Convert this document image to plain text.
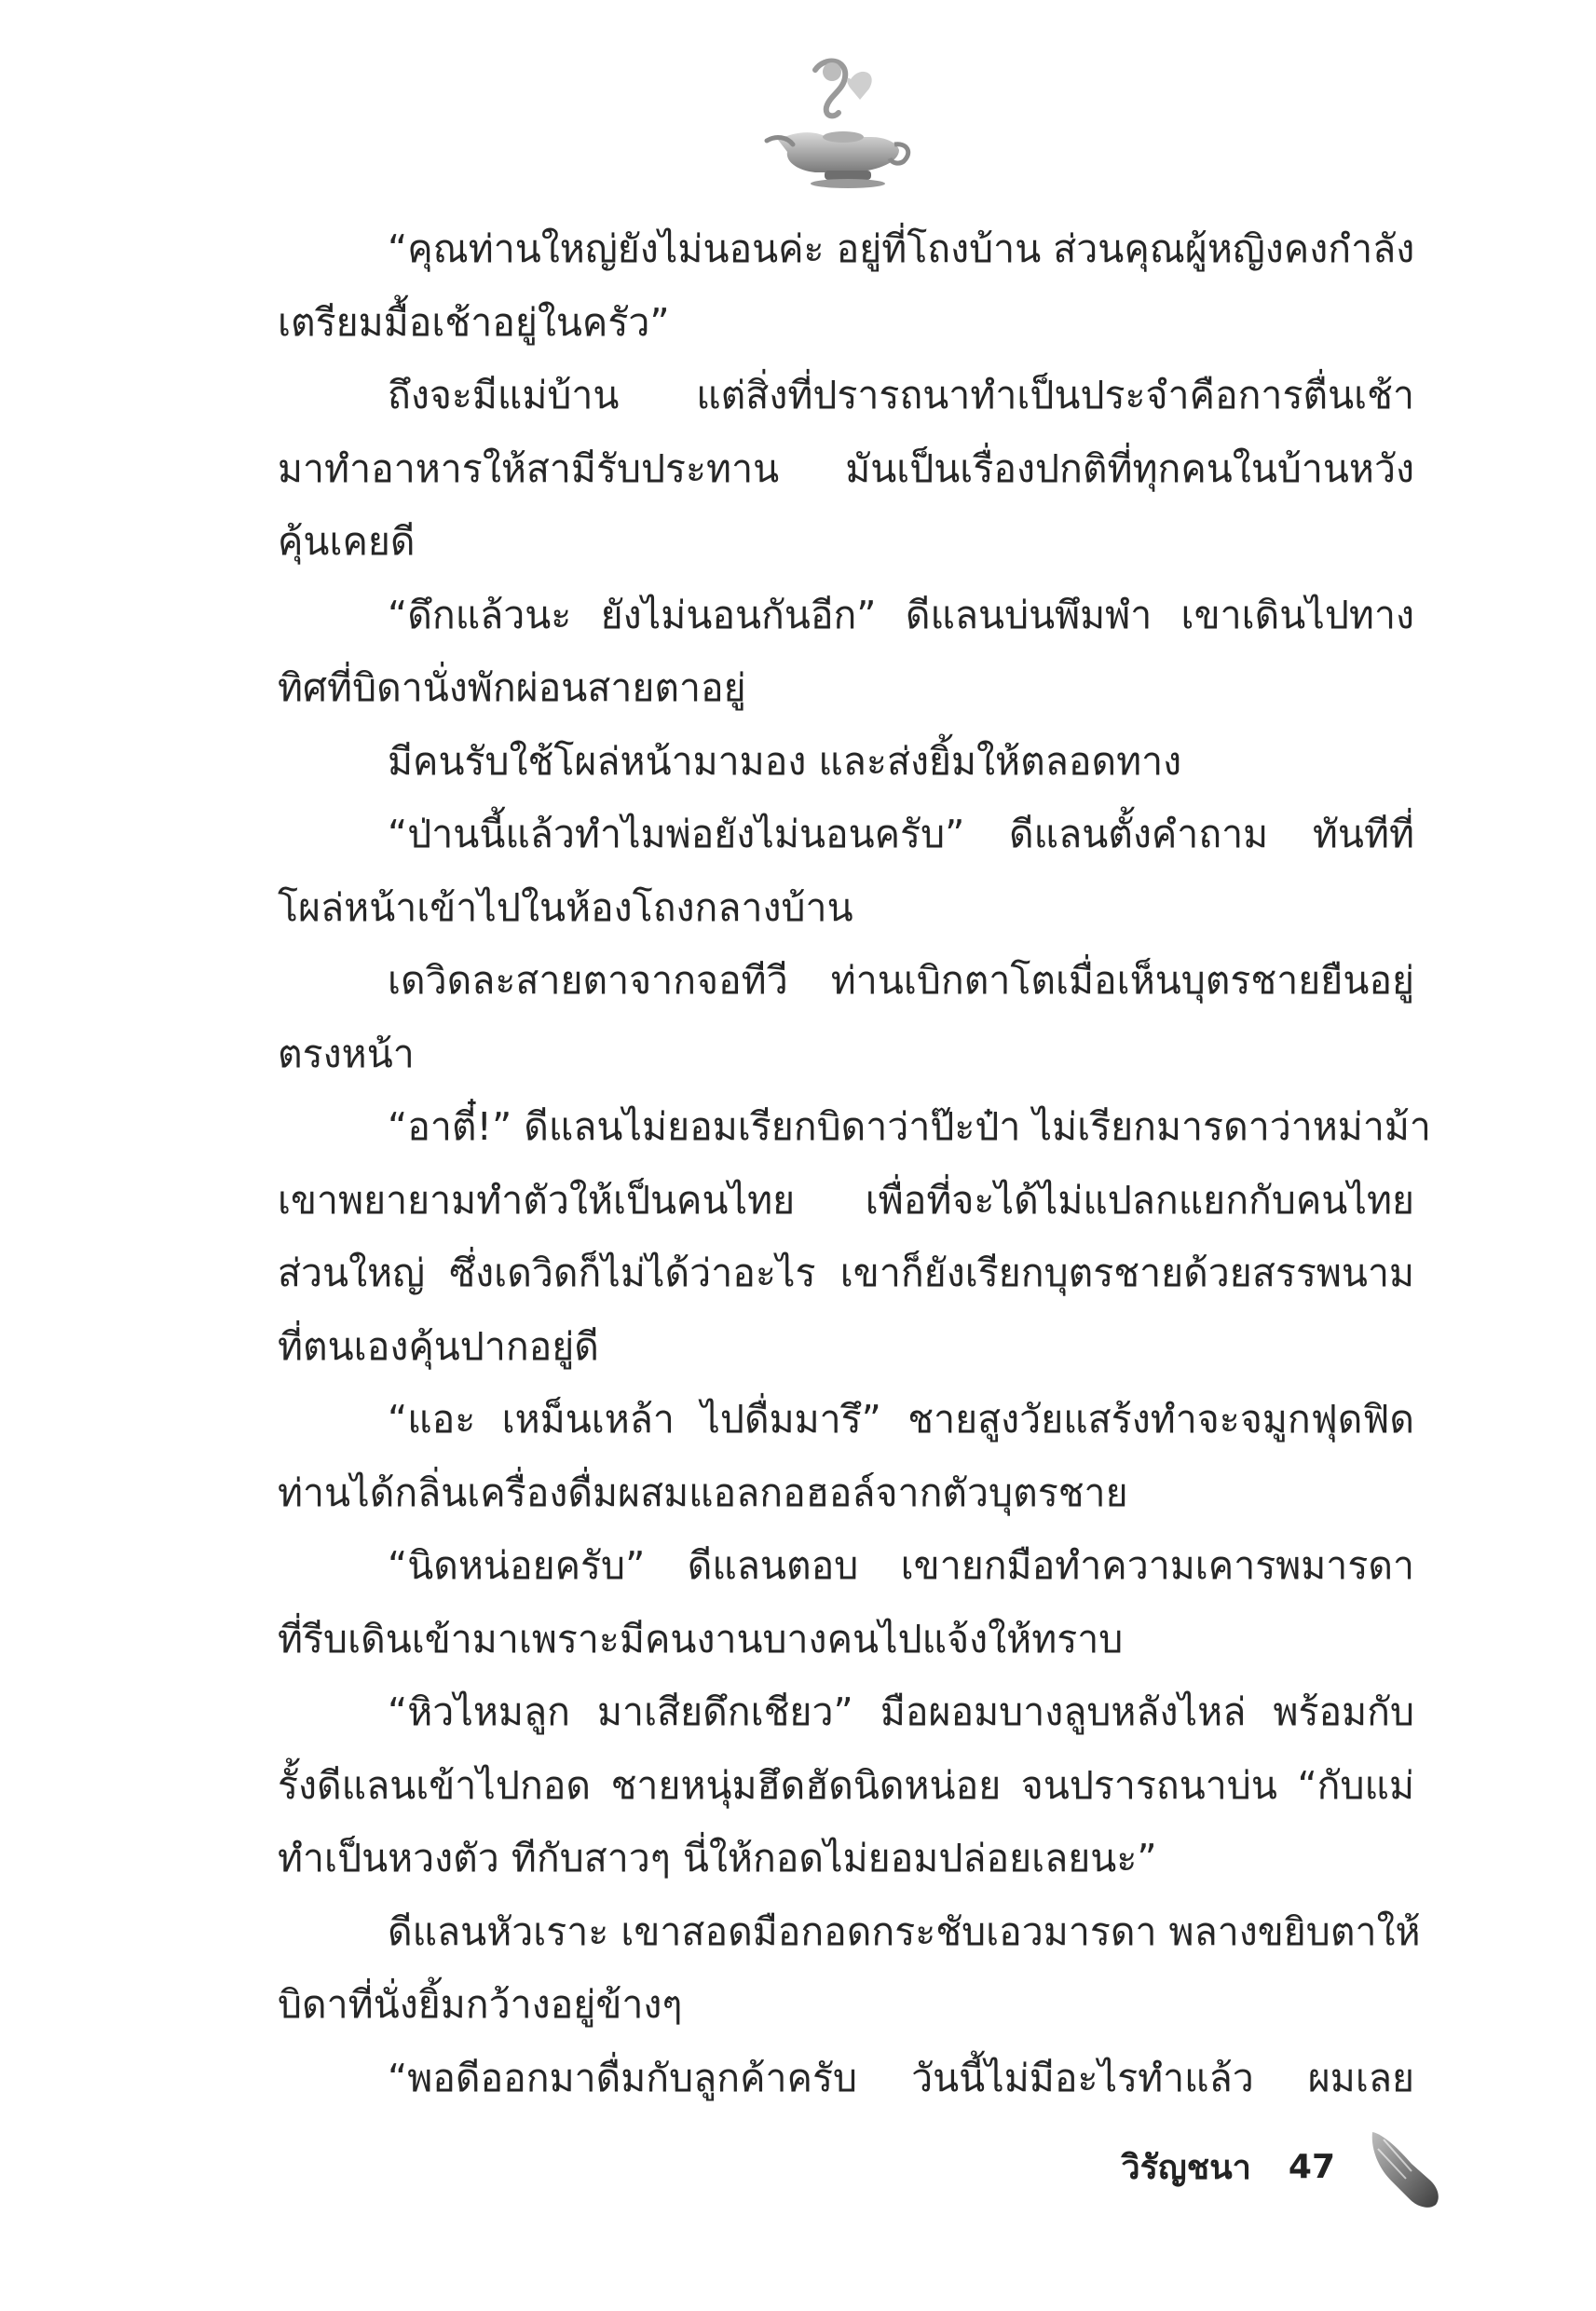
“คุณท่านใหญ่ยังไม่นอนค่ะ อยู่ที่โถงบ้าน ส่วนคุณผู้หญิงคงกำลัง
เตรียมมื้อเช้าอยู่ในครัว”
ถึงจะมีแม่บ้าน แต่สิ่งที่ปรารถนาทำเป็นประจำคือการตื่นเช้า
มาทำอาหารให้สามีรับประทาน มันเป็นเรื่องปกติที่ทุกคนในบ้านหวัง
คุ้นเคยดี
“ดึกแล้วนะ ยังไม่นอนกันอีก” ดีแลนบ่นพึมพำ เขาเดินไปทาง
ทิศที่บิดานั่งพักผ่อนสายตาอยู่
มีคนรับใช้โผล่หน้ามามอง และส่งยิ้มให้ตลอดทาง
“ป่านนี้แล้วทำไมพ่อยังไม่นอนครับ” ดีแลนตั้งคำถาม ทันทีที่
โผล่หน้าเข้าไปในห้องโถงกลางบ้าน
เดวิดละสายตาจากจอทีวี ท่านเบิกตาโตเมื่อเห็นบุตรชายยืนอยู่
ตรงหน้า
“อาตี๋!” ดีแลนไม่ยอมเรียกบิดาว่าป๊ะป๋า ไม่เรียกมารดาว่าหม่าม้า
เขาพยายามทำตัวให้เป็นคนไทย เพื่อที่จะได้ไม่แปลกแยกกับคนไทย
ส่วนใหญ่ ซึ่งเดวิดก็ไม่ได้ว่าอะไร เขาก็ยังเรียกบุตรชายด้วยสรรพนาม
ที่ตนเองคุ้นปากอยู่ดี
“แอะ เหม็นเหล้า ไปดื่มมารึ” ชายสูงวัยแสร้งทำจะจมูกฟุดฟิด
ท่านได้กลิ่นเครื่องดื่มผสมแอลกอฮอล์จากตัวบุตรชาย
“นิดหน่อยครับ” ดีแลนตอบ เขายกมือทำความเคารพมารดา
ที่รีบเดินเข้ามาเพราะมีคนงานบางคนไปแจ้งให้ทราบ
“หิวไหมลูก มาเสียดึกเชียว” มือผอมบางลูบหลังไหล่ พร้อมกับ
รั้งดีแลนเข้าไปกอด ชายหนุ่มฮึดฮัดนิดหน่อย จนปรารถนาบ่น “กับแม่
ทำเป็นหวงตัว ทีกับสาวๆ นี่ให้กอดไม่ยอมปล่อยเลยนะ”
ดีแลนหัวเราะ เขาสอดมือกอดกระชับเอวมารดา พลางขยิบตาให้
บิดาที่นั่งยิ้มกว้างอยู่ข้างๆ
“พอดีออกมาดื่มกับลูกค้าครับ วันนี้ไม่มีอะไรทำแล้ว ผมเลย
วิรัญชนา 47
